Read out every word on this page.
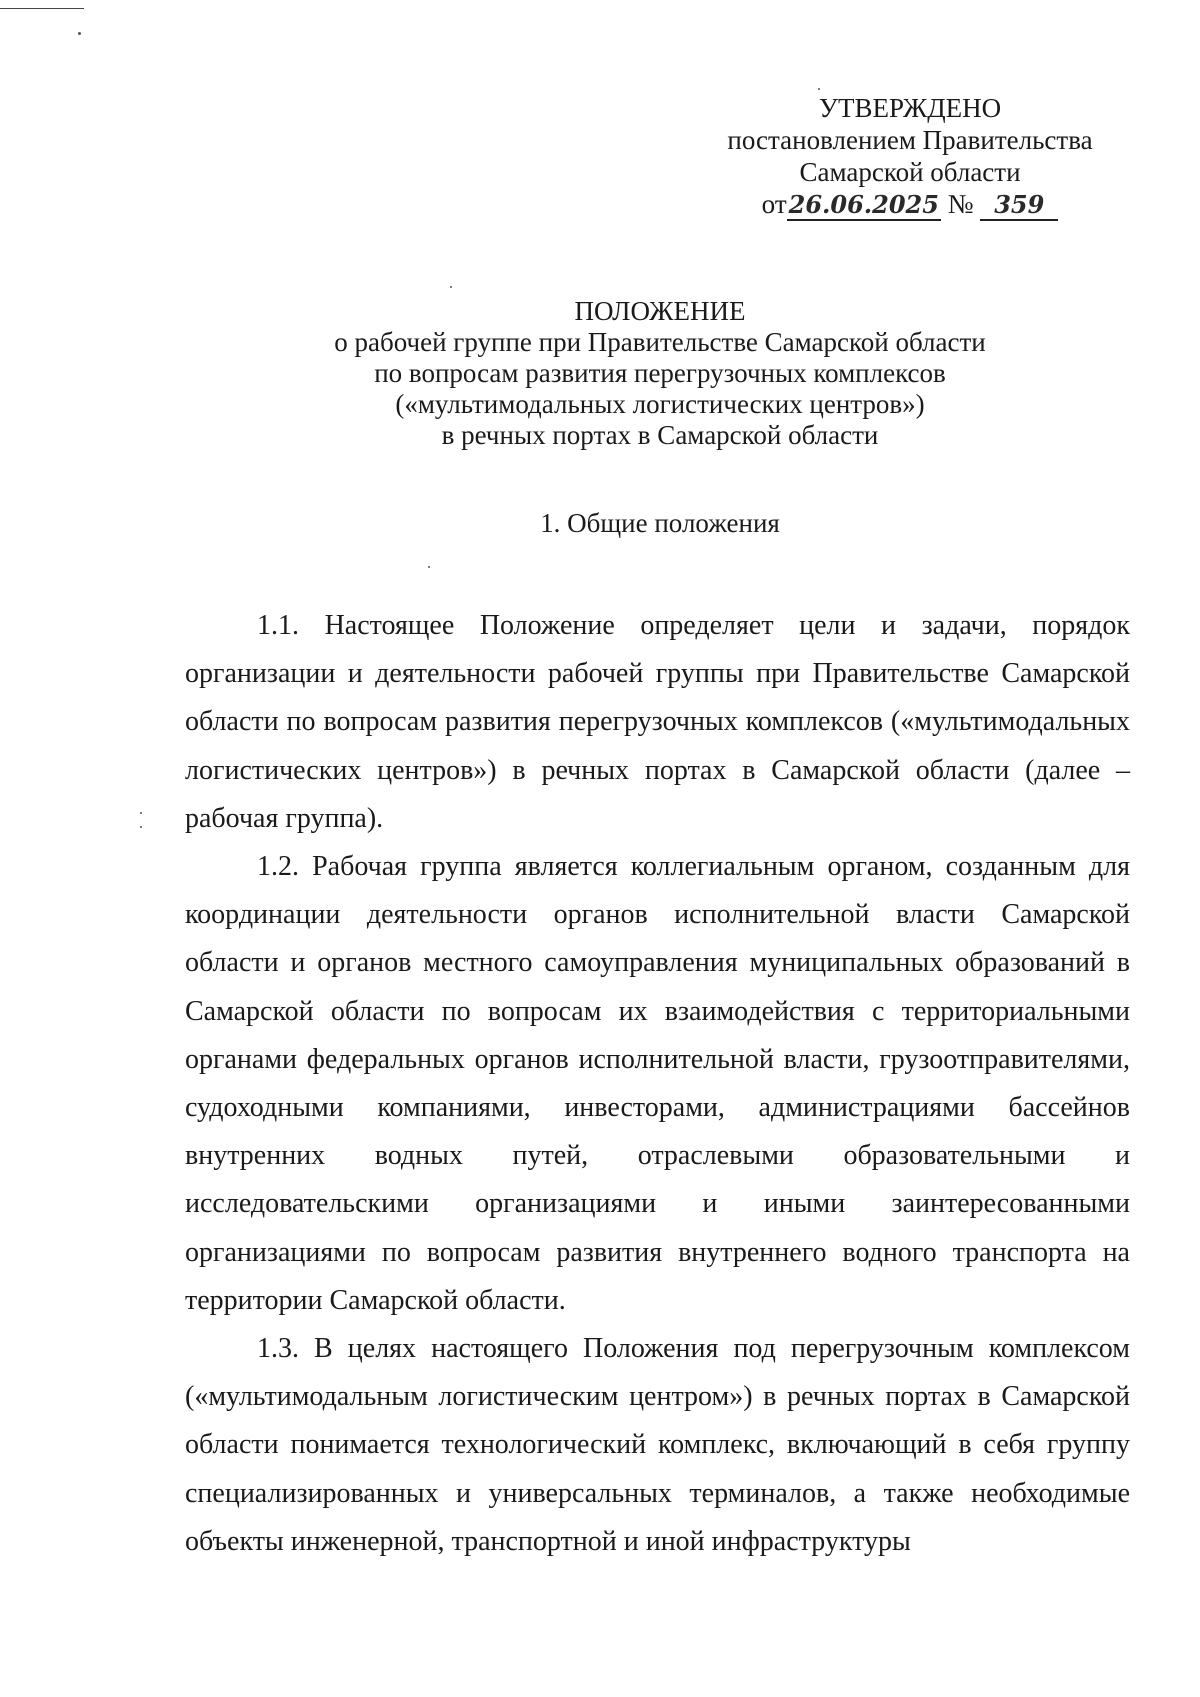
УТВЕРЖДЕНО
постановлением Правительства
Самарской области
от26.06.2025 № 359
ПОЛОЖЕНИЕ
о рабочей группе при Правительстве Самарской области
по вопросам развития перегрузочных комплексов
(«мультимодальных логистических центров»)
в речных портах в Самарской области
1. Общие положения

1.1. Настоящее Положение определяет цели и задачи, порядок организации и деятельности рабочей группы при Правительстве Самарской области по вопросам развития перегрузочных комплексов («мультимодальных логистических центров») в речных портах в Самарской области (далее – рабочая группа).

1.2. Рабочая группа является коллегиальным органом, созданным для координации деятельности органов исполнительной власти Самарской области и органов местного самоуправления муниципальных образований в Самарской области по вопросам их взаимодействия с территориальными органами федеральных органов исполнительной власти, грузоотправителями, судоходными компаниями, инвесторами, администрациями бассейнов внутренних водных путей, отраслевыми образовательными и исследовательскими организациями и иными заинтересованными организациями по вопросам развития внутреннего водного транспорта на территории Самарской области.

1.3. В целях настоящего Положения под перегрузочным комплексом («мультимодальным логистическим центром») в речных портах в Самарской области понимается технологический комплекс, включающий в себя группу специализированных и универсальных терминалов, а также необходимые объекты инженерной, транспортной и иной инфраструктуры
